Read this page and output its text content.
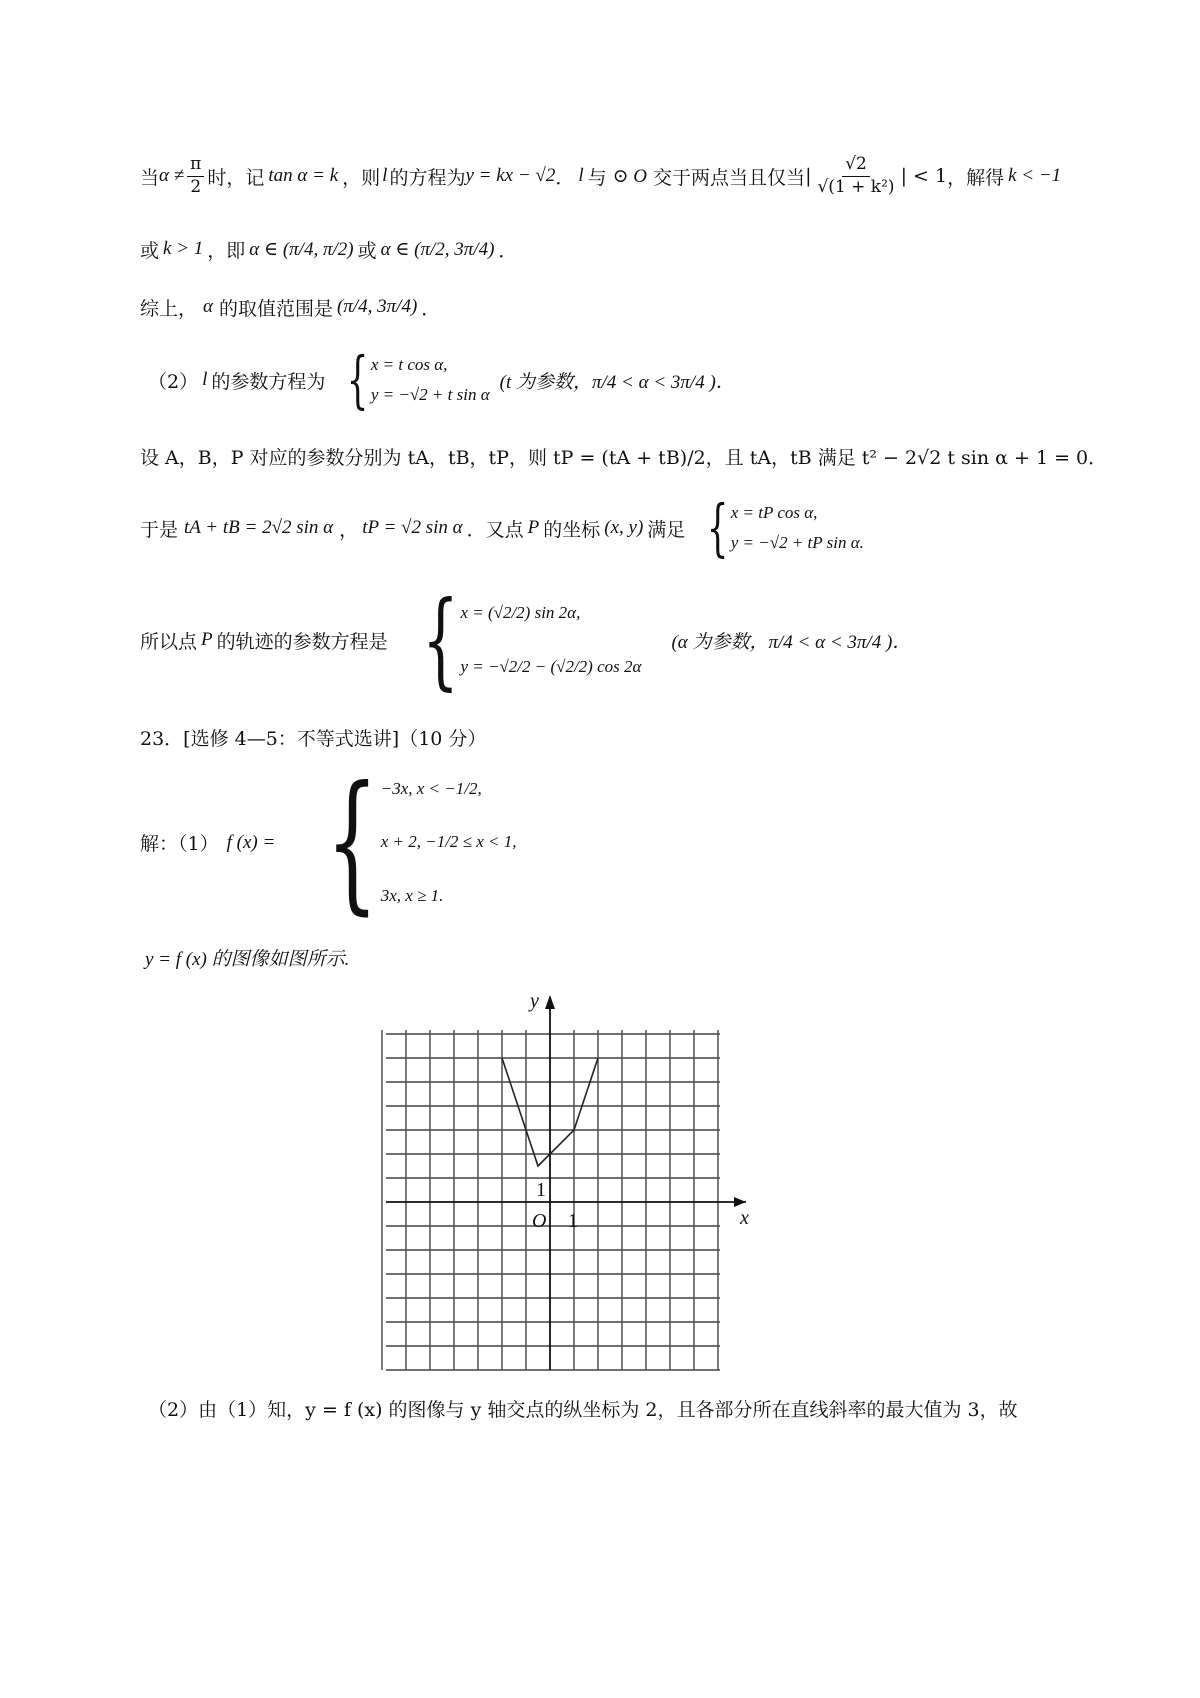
当 $\alpha \ne \frac{\pi}{2}$ 时，记 tan α = k ，则 l 的方程为 y = kx − √2 ． l 与 ⊙ O 交于两点当且仅当 | $\frac{√2}{\text{√(1 + k²)}}$ | < 1 ，解得 k < −1
或 k > 1 ，即 α ∈ (π/4, π/2) 或 α ∈ (π/2, 3π/4) ．
综上， α 的取值范围是 (π/4, 3π/4) ．
（2） l 的参数方程为 { x = t cos α,
y = −√2 + t sin α
(t 为参数，π/4 < α < 3π/4 )．
设 A，B，P 对应的参数分别为 tA，tB，tP，则 tP = (tA + tB)/2，且 tA，tB 满足 t² − 2√2 t sin α + 1 = 0．
于是 tA + tB = 2√2 sin α ， tP = √2 sin α ．又点 P 的坐标 (x, y) 满足 { x = tP cos α,
y = −√2 + tP sin α.
所以点 P 的轨迹的参数方程是 { x = (√2/2) sin 2α,
y = −√2/2 − (√2/2) cos 2α
(α 为参数，π/4 < α < 3π/4 )．
23．[选修 4—5：不等式选讲]（10 分）
解：（1） f (x) = { −3x, x < −1/2,
x + 2, −1/2 ≤ x < 1,
3x, x ≥ 1.
y = f (x) 的图像如图所示.
y
x
O 1
1
（2）由（1）知，y = f (x) 的图像与 y 轴交点的纵坐标为 2，且各部分所在直线斜率的最大值为 3，故
